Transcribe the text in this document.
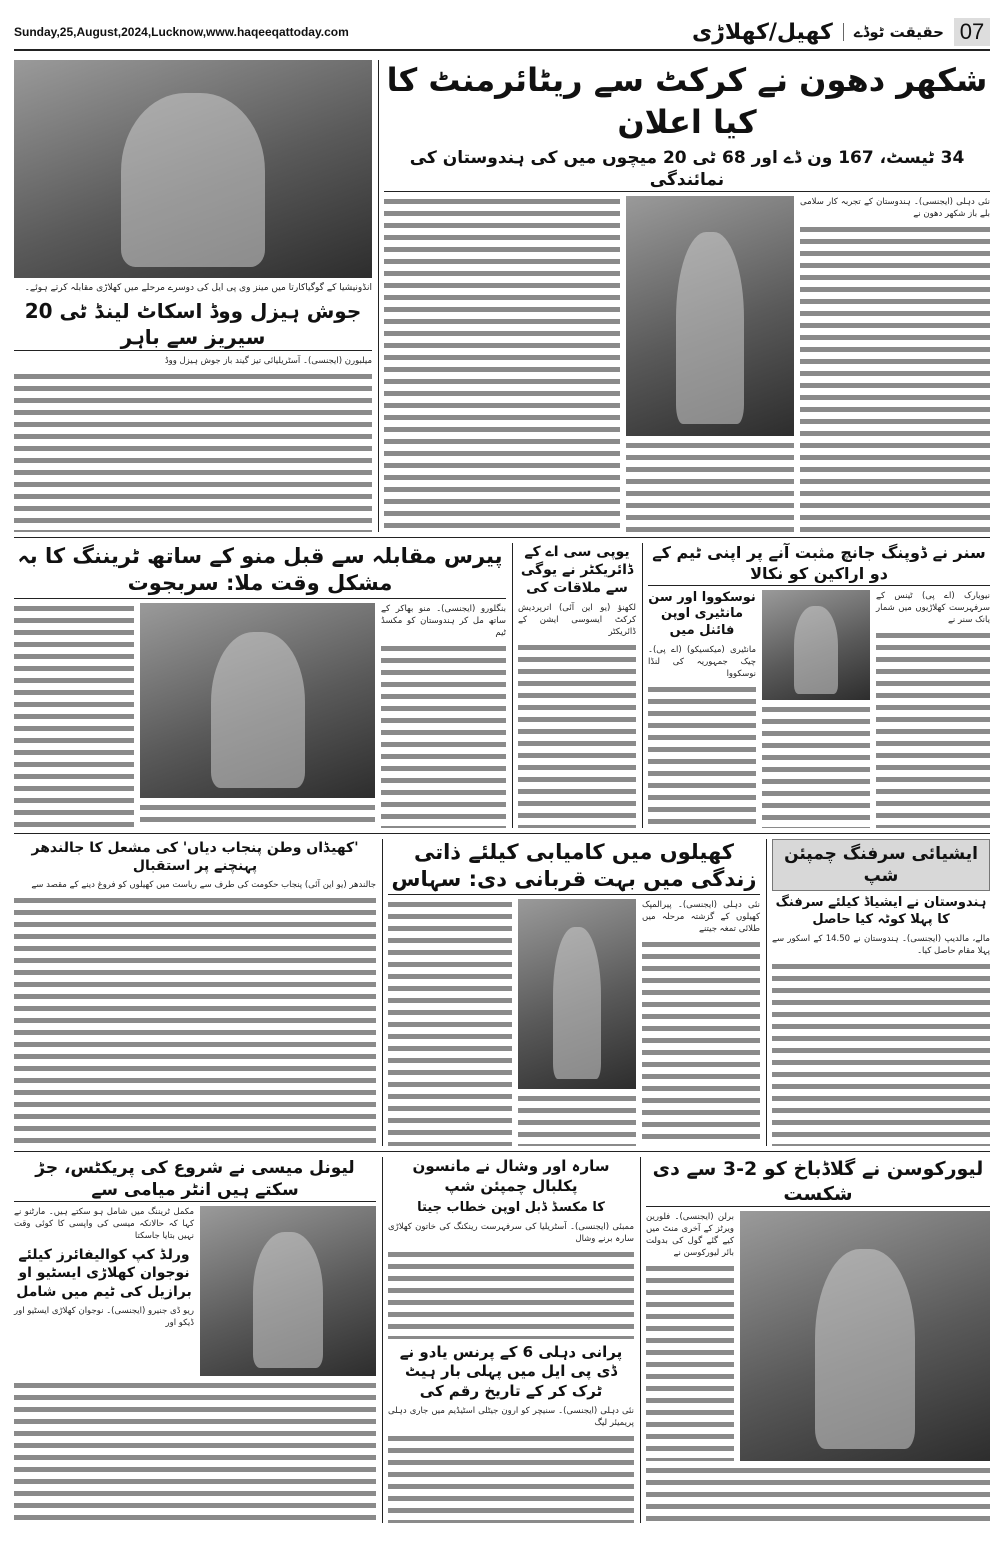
Sunday,25,August,2024,Lucknow,www.haqeeqattoday.com	07
حقیقت ٹوڈے
کھیل/کھلاڑی
انڈونیشیا کے گوگیاکارتا میں مینز وی پی ایل کی دوسرے مرحلے میں کھلاڑی مقابلہ کرتے ہوئے۔
جوش ہیزل ووڈ اسکاٹ لینڈ ٹی 20 سیریز سے باہر
میلبورن (ایجنسی)۔ آسٹریلیائی تیز گیند باز جوش ہیزل ووڈ
شکھر دھون نے کرکٹ سے ریٹائرمنٹ کا کیا اعلان
34 ٹیسٹ، 167 ون ڈے اور 68 ٹی 20 میچوں میں کی ہندوستان کی نمائندگی
نئی دہلی (ایجنسی)۔ ہندوستان کے تجربہ کار سلامی بلے باز شکھر دھون نے
پیرس مقابلہ سے قبل منو کے ساتھ ٹریننگ کا بہ مشکل وقت ملا: سربجوت
بنگلورو (ایجنسی)۔ منو بھاکر کے ساتھ مل کر ہندوستان کو مکسڈ ٹیم
یوپی سی اے کے ڈائریکٹر نے یوگی سے ملاقات کی
لکھنؤ (یو این آئی) اترپردیش کرکٹ ایسوسی ایشن کے ڈائریکٹر
سنر نے ڈوپنگ جانچ مثبت آنے پر اپنی ٹیم کے دو اراکین کو نکالا
نوسکووا اور سن مانٹیری اوپن فائنل میں
مانٹیری (میکسیکو) (اے پی)۔ چیک جمہوریہ کی لنڈا نوسکووا
نیویارک (اے پی) ٹینس کے سرفہرست کھلاڑیوں میں شمار یانک سنر نے
'کھیڈاں وطن پنجاب دیاں' کی مشعل کا جالندھر پہنچنے پر استقبال
جالندھر (یو این آئی) پنجاب حکومت کی طرف سے ریاست میں کھیلوں کو فروغ دینے کے مقصد سے
کھیلوں میں کامیابی کیلئے ذاتی زندگی میں بہت قربانی دی: سہاس
نئی دہلی (ایجنسی)۔ پیرالمپک کھیلوں کے گزشتہ مرحلہ میں طلائی تمغہ جیتنے
ایشیائی سرفنگ چمپئن شپ
ہندوستان نے ایشیاڈ کیلئے سرفنگ کا پہلا کوٹہ کیا حاصل
مالے، مالدیپ (ایجنسی)۔ ہندوستان نے 14.50 کے اسکور سے پہلا مقام حاصل کیا۔
لیونل میسی نے شروع کی پریکٹس، جڑ سکتے ہیں انٹر میامی سے
مکمل ٹریننگ میں شامل ہو سکتے ہیں۔ مارٹنو نے کہا کہ حالانکہ میسی کی واپسی کا کوئی وقت نہیں بتایا جاسکتا
ورلڈ کپ کوالیفائرز کیلئے نوجوان کھلاڑی ایسٹیو او برازیل کی ٹیم میں شامل
ریو ڈی جنیرو (ایجنسی)۔ نوجوان کھلاڑی ایسٹیو اور ڈیکو اور
سارہ اور وشال نے مانسون پکلبال چمپئن شپ
کا مکسڈ ڈبل اوپن خطاب جیتا
ممبئی (ایجنسی)۔ آسٹریلیا کی سرفہرست رینکنگ کی خاتون کھلاڑی سارہ برنے وشال
پرانی دہلی 6 کے پرنس یادو نے ڈی پی ایل میں پہلی بار ہیٹ ٹرک کر کے تاریخ رقم کی
نئی دہلی (ایجنسی)۔ سنیچر کو ارون جیٹلی اسٹیڈیم میں جاری دہلی پریمیئر لیگ
لیورکوسن نے گلاڈباخ کو 2-3 سے دی شکست
برلن (ایجنسی)۔ فلورین ویرٹز کے آخری منٹ میں کیے گئے گول کی بدولت بائر لیورکوسن نے
